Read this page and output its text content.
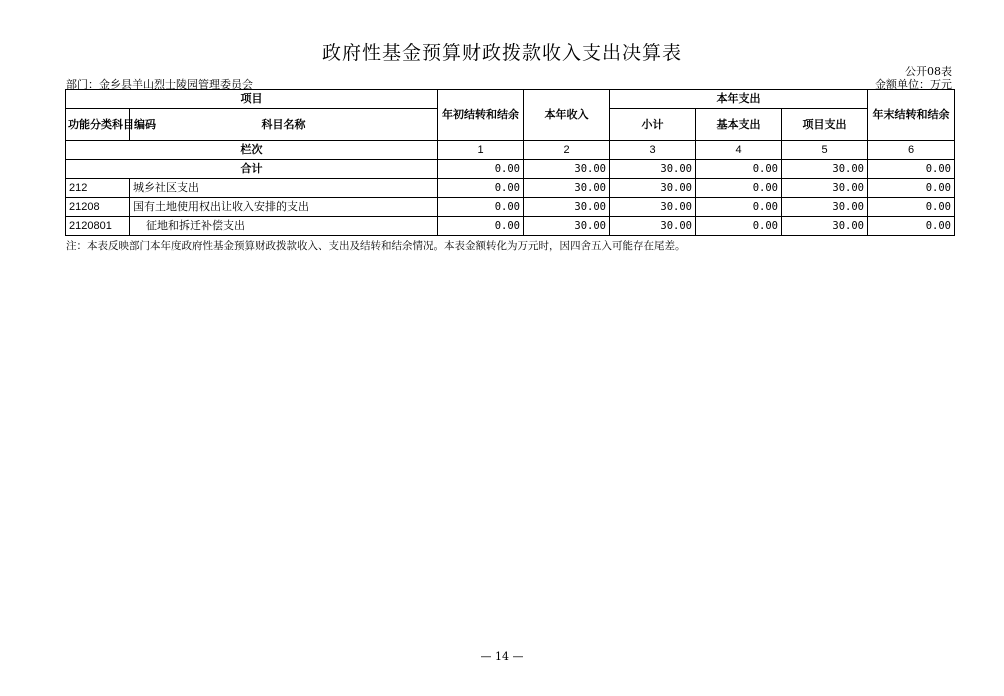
政府性基金预算财政拨款收入支出决算表
公开08表
部门：金乡县羊山烈士陵园管理委员会	金额单位：万元
项目		年初结转和结余	本年收入	本年支出			年末结转和结余
功能分类科目编码	科目名称			小计	基本支出	项目支出	
栏次		1	2	3	4	5	6
合计		0.00	30.00	30.00	0.00	30.00	0.00
212	城乡社区支出	0.00	30.00	30.00	0.00	30.00	0.00
21208	国有土地使用权出让收入安排的支出	0.00	30.00	30.00	0.00	30.00	0.00
2120801	征地和拆迁补偿支出	0.00	30.00	30.00	0.00	30.00	0.00
注：本表反映部门本年度政府性基金预算财政拨款收入、支出及结转和结余情况。本表金额转化为万元时，因四舍五入可能存在尾差。
— 14 —
